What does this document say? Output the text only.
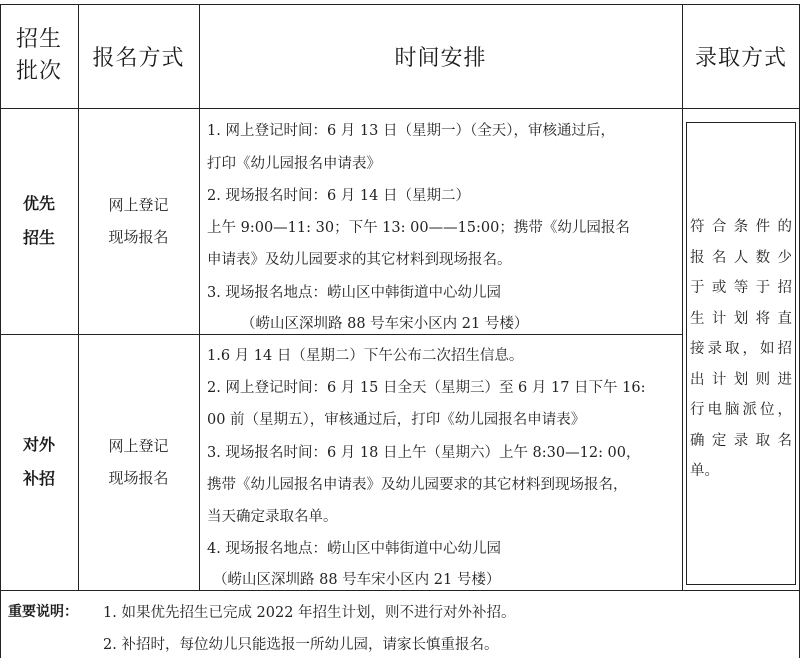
招生
批次
报名方式	时间安排	录取方式
优先
招生
网上登记
现场报名
1. 网上登记时间：6 月 13 日（星期一）（全天），审核通过后，
打印《幼儿园报名申请表》
2. 现场报名时间：6 月 14 日（星期二）
上午 9:00—11: 30；下午 13: 00——15:00；携带《幼儿园报名
申请表》及幼儿园要求的其它材料到现场报名。
3. 现场报名地点：崂山区中韩街道中心幼儿园
（崂山区深圳路 88 号车宋小区内 21 号楼）
对外
补招
网上登记
现场报名
1.6 月 14 日（星期二）下午公布二次招生信息。
2. 网上登记时间：6 月 15 日全天（星期三）至 6 月 17 日下午 16:
00 前（星期五），审核通过后，打印《幼儿园报名申请表》
3. 现场报名时间：6 月 18 日上午（星期六）上午 8:30—12: 00，
携带《幼儿园报名申请表》及幼儿园要求的其它材料到现场报名，
当天确定录取名单。
4. 现场报名地点：崂山区中韩街道中心幼儿园
（崂山区深圳路 88 号车宋小区内 21 号楼）
符合条件的
报名人数少
于或等于招
生计划将直
接录取，如招
出计划则进
行电脑派位，
确定录取名
单。
重要说明： 1. 如果优先招生已完成 2022 年招生计划，则不进行对外补招。
2. 补招时，每位幼儿只能选报一所幼儿园，请家长慎重报名。
